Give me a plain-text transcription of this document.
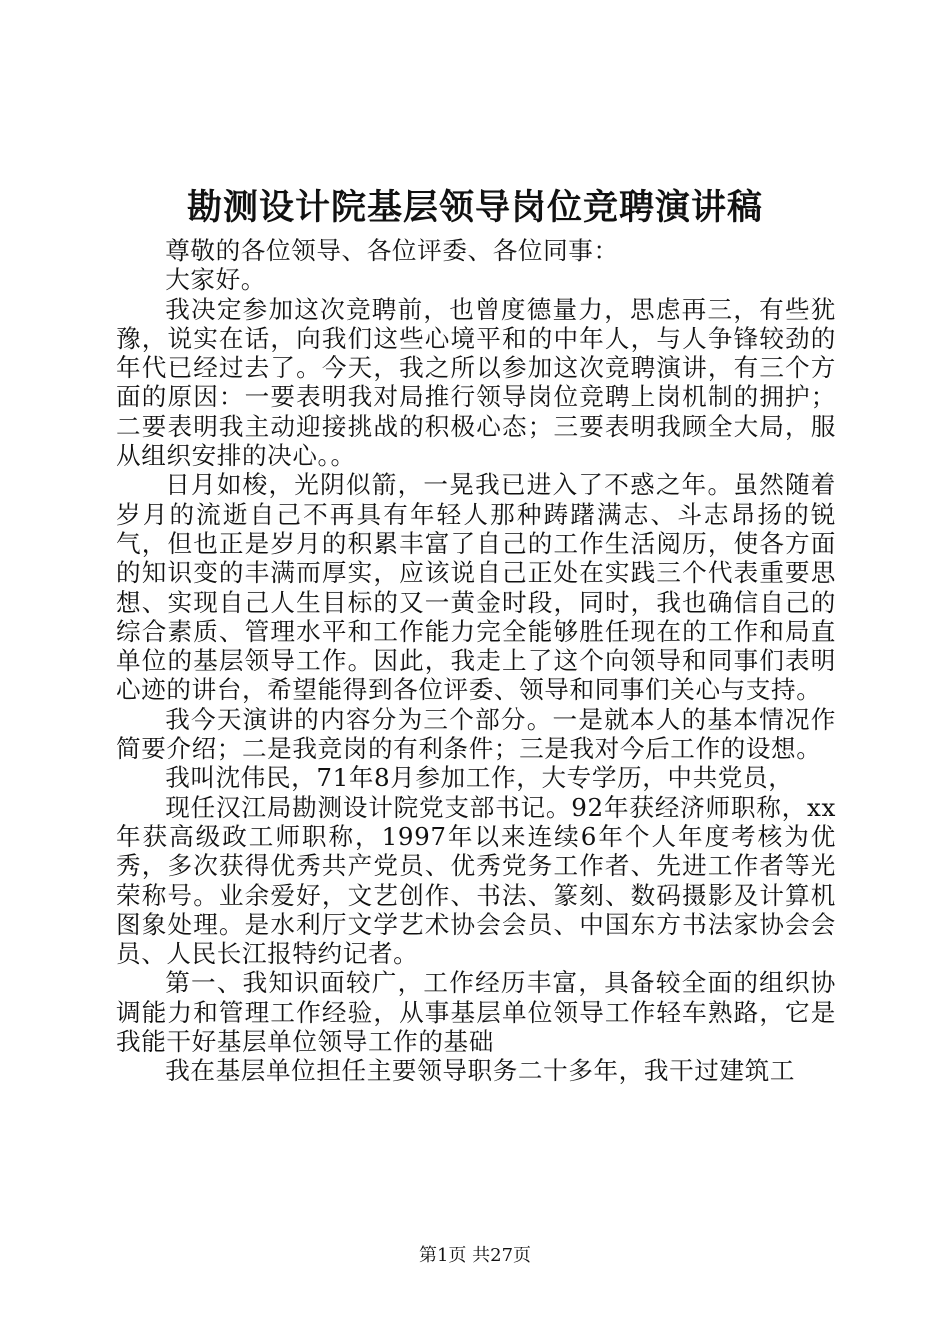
勘测设计院基层领导岗位竞聘演讲稿

尊敬的各位领导、各位评委、各位同事：

大家好。

我决定参加这次竞聘前，也曾度德量力，思虑再三，有些犹豫，说实在话，向我们这些心境平和的中年人，与人争锋较劲的年代已经过去了。今天，我之所以参加这次竞聘演讲，有三个方面的原因：一要表明我对局推行领导岗位竞聘上岗机制的拥护；二要表明我主动迎接挑战的积极心态；三要表明我顾全大局，服从组织安排的决心。。

日月如梭，光阴似箭，一晃我已进入了不惑之年。虽然随着岁月的流逝自己不再具有年轻人那种踌躇满志、斗志昂扬的锐气，但也正是岁月的积累丰富了自己的工作生活阅历，使各方面的知识变的丰满而厚实，应该说自己正处在实践三个代表重要思想、实现自己人生目标的又一黄金时段，同时，我也确信自己的综合素质、管理水平和工作能力完全能够胜任现在的工作和局直单位的基层领导工作。因此，我走上了这个向领导和同事们表明心迹的讲台，希望能得到各位评委、领导和同事们关心与支持。

我今天演讲的内容分为三个部分。一是就本人的基本情况作简要介绍；二是我竞岗的有利条件；三是我对今后工作的设想。

我叫沈伟民，71年8月参加工作，大专学历，中共党员，

现任汉江局勘测设计院党支部书记。92年获经济师职称，xx年获高级政工师职称，1997年以来连续6年个人年度考核为优秀，多次获得优秀共产党员、优秀党务工作者、先进工作者等光荣称号。业余爱好，文艺创作、书法、篆刻、数码摄影及计算机图象处理。是水利厅文学艺术协会会员、中国东方书法家协会会员、人民长江报特约记者。

第一、我知识面较广，工作经历丰富，具备较全面的组织协调能力和管理工作经验，从事基层单位领导工作轻车熟路，它是我能干好基层单位领导工作的基础

我在基层单位担任主要领导职务二十多年，我干过建筑工

第1页 共27页
